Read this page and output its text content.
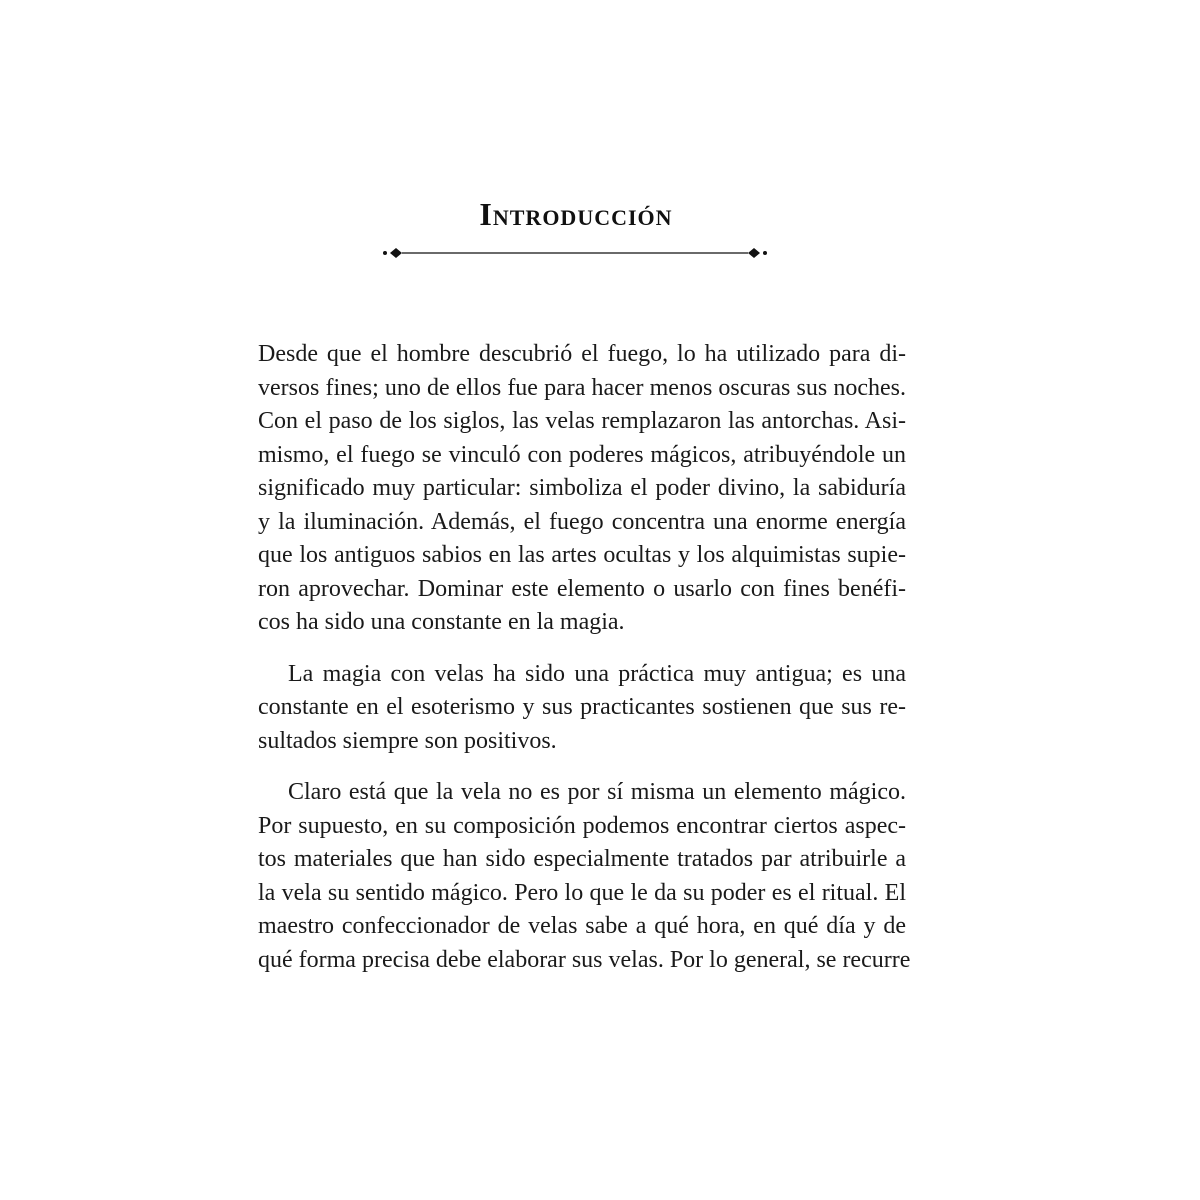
Introducción

Desde que el hombre descubrió el fuego, lo ha utilizado para di-
versos fines; uno de ellos fue para hacer menos oscuras sus noches.
Con el paso de los siglos, las velas remplazaron las antorchas. Asi-
mismo, el fuego se vinculó con poderes mágicos, atribuyéndole un
significado muy particular: simboliza el poder divino, la sabiduría
y la iluminación. Además, el fuego concentra una enorme energía
que los antiguos sabios en las artes ocultas y los alquimistas supie-
ron aprovechar. Dominar este elemento o usarlo con fines benéfi-
cos ha sido una constante en la magia.

La magia con velas ha sido una práctica muy antigua; es una
constante en el esoterismo y sus practicantes sostienen que sus re-
sultados siempre son positivos.

Claro está que la vela no es por sí misma un elemento mágico.
Por supuesto, en su composición podemos encontrar ciertos aspec-
tos materiales que han sido especialmente tratados par atribuirle a
la vela su sentido mágico. Pero lo que le da su poder es el ritual. El
maestro confeccionador de velas sabe a qué hora, en qué día y de
qué forma precisa debe elaborar sus velas. Por lo general, se recurre
